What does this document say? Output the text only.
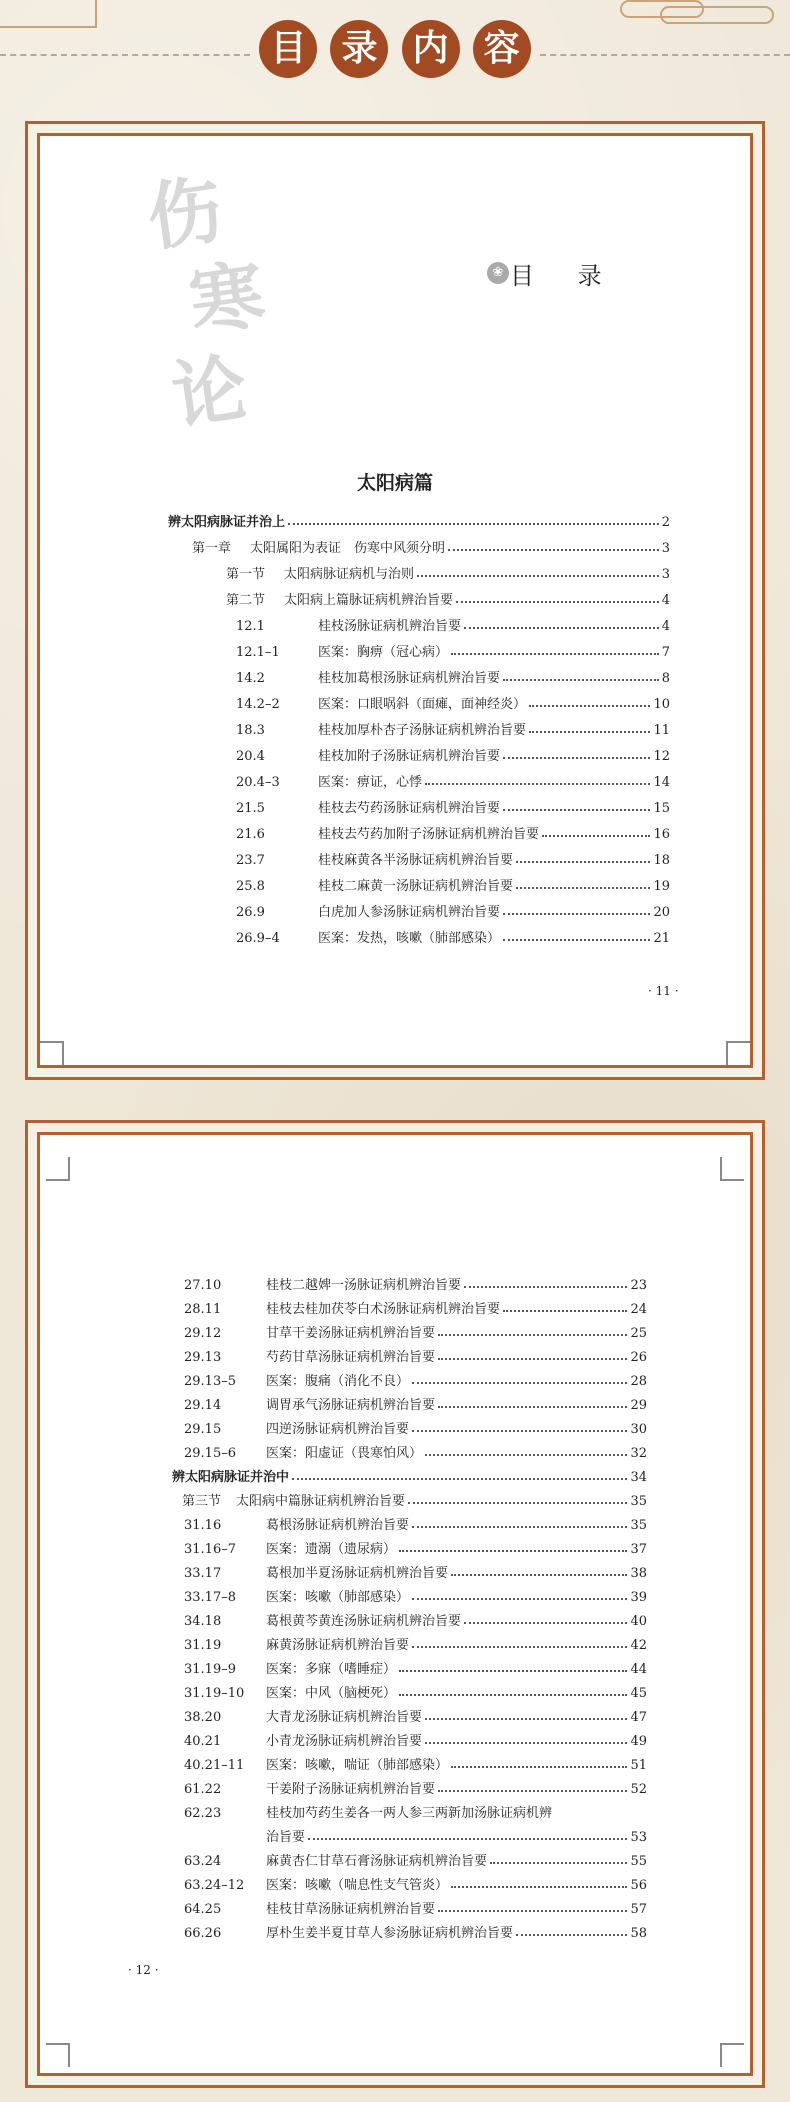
目 录 内 容
伤
寒
论
❀ 目 录
太阳病篇
辨太阳病脉证并治上	2
第一章	太阳属阳为表证　伤寒中风须分明	3
第一节	太阳病脉证病机与治则	3
第二节	太阳病上篇脉证病机辨治旨要	4
12.1	桂枝汤脉证病机辨治旨要	4
12.1–1	医案：胸痹（冠心病）	7
14.2	桂枝加葛根汤脉证病机辨治旨要	8
14.2–2	医案：口眼㖞斜（面瘫，面神经炎）	10
18.3	桂枝加厚朴杏子汤脉证病机辨治旨要	11
20.4	桂枝加附子汤脉证病机辨治旨要	12
20.4–3	医案：痹证，心悸	14
21.5	桂枝去芍药汤脉证病机辨治旨要	15
21.6	桂枝去芍药加附子汤脉证病机辨治旨要	16
23.7	桂枝麻黄各半汤脉证病机辨治旨要	18
25.8	桂枝二麻黄一汤脉证病机辨治旨要	19
26.9	白虎加人参汤脉证病机辨治旨要	20
26.9–4	医案：发热，咳嗽（肺部感染）	21
· 11 ·
27.10	桂枝二越婢一汤脉证病机辨治旨要	23
28.11	桂枝去桂加茯苓白术汤脉证病机辨治旨要	24
29.12	甘草干姜汤脉证病机辨治旨要	25
29.13	芍药甘草汤脉证病机辨治旨要	26
29.13–5	医案：腹痛（消化不良）	28
29.14	调胃承气汤脉证病机辨治旨要	29
29.15	四逆汤脉证病机辨治旨要	30
29.15–6	医案：阳虚证（畏寒怕风）	32
辨太阳病脉证并治中	34
第三节	太阳病中篇脉证病机辨治旨要	35
31.16	葛根汤脉证病机辨治旨要	35
31.16–7	医案：遗溺（遗尿病）	37
33.17	葛根加半夏汤脉证病机辨治旨要	38
33.17–8	医案：咳嗽（肺部感染）	39
34.18	葛根黄芩黄连汤脉证病机辨治旨要	40
31.19	麻黄汤脉证病机辨治旨要	42
31.19–9	医案：多寐（嗜睡症）	44
31.19–10	医案：中风（脑梗死）	45
38.20	大青龙汤脉证病机辨治旨要	47
40.21	小青龙汤脉证病机辨治旨要	49
40.21–11	医案：咳嗽，喘证（肺部感染）	51
61.22	干姜附子汤脉证病机辨治旨要	52
62.23	桂枝加芍药生姜各一两人参三两新加汤脉证病机辨
治旨要	53
63.24	麻黄杏仁甘草石膏汤脉证病机辨治旨要	55
63.24–12	医案：咳嗽（喘息性支气管炎）	56
64.25	桂枝甘草汤脉证病机辨治旨要	57
66.26	厚朴生姜半夏甘草人参汤脉证病机辨治旨要	58
· 12 ·
